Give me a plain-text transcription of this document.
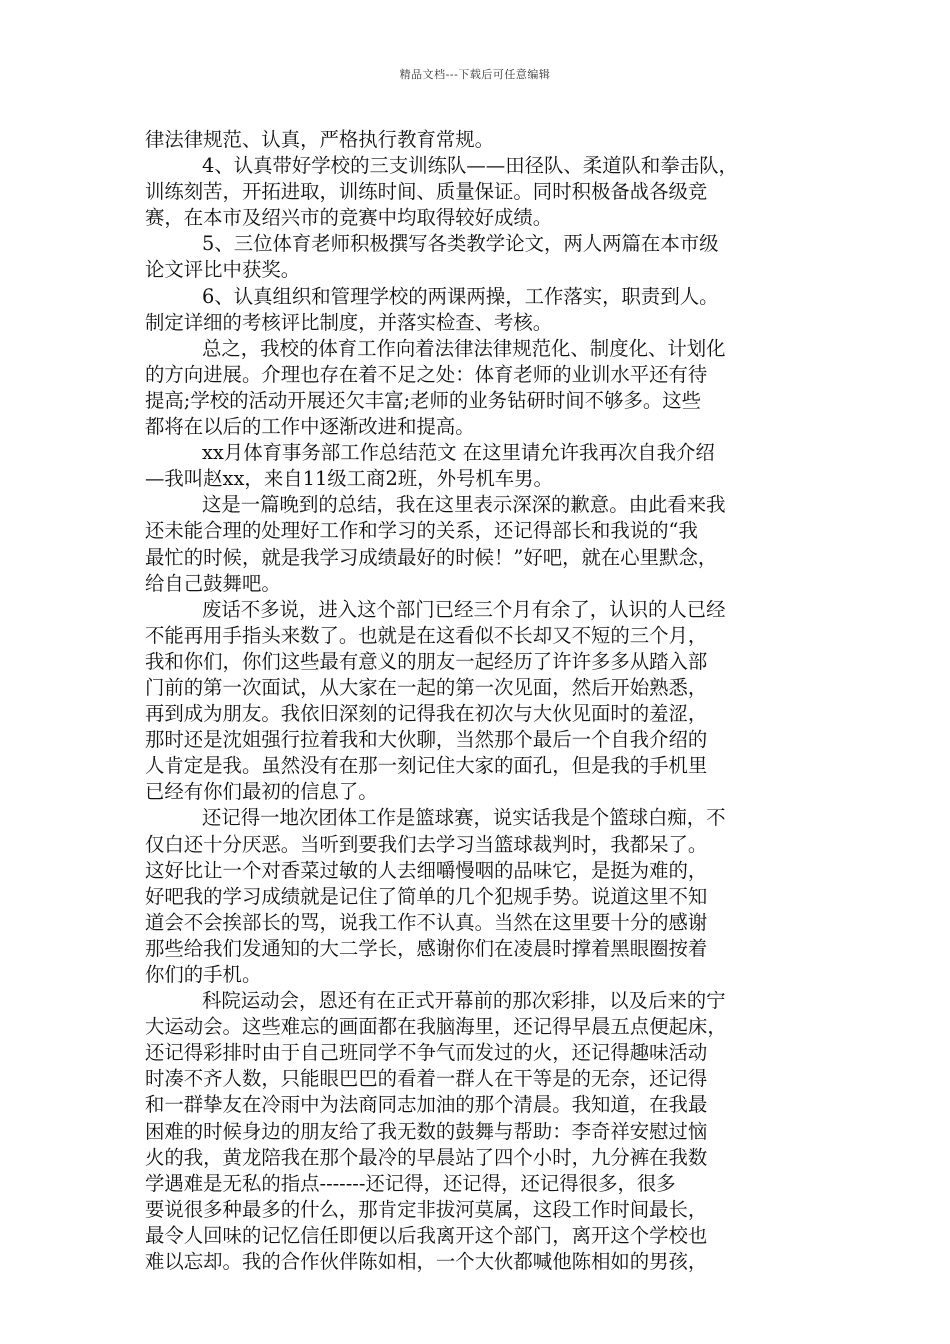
精品文档---下载后可任意编辑
律法律规范、认真，严格执行教育常规。
4、认真带好学校的三支训练队——田径队、柔道队和拳击队，
训练刻苦，开拓进取，训练时间、质量保证。同时积极备战各级竞
赛，在本市及绍兴市的竞赛中均取得较好成绩。
5、三位体育老师积极撰写各类教学论文，两人两篇在本市级
论文评比中获奖。
6、认真组织和管理学校的两课两操，工作落实，职责到人。
制定详细的考核评比制度，并落实检查、考核。
总之，我校的体育工作向着法律法律规范化、制度化、计划化
的方向进展。介理也存在着不足之处：体育老师的业训水平还有待
提高;学校的活动开展还欠丰富;老师的业务钻研时间不够多。这些
都将在以后的工作中逐渐改进和提高。
xx月体育事务部工作总结范文 在这里请允许我再次自我介绍
—我叫赵xx，来自11级工商2班，外号机车男。
这是一篇晚到的总结，我在这里表示深深的歉意。由此看来我
还未能合理的处理好工作和学习的关系，还记得部长和我说的“我
最忙的时候，就是我学习成绩最好的时候！”好吧，就在心里默念，
给自己鼓舞吧。
废话不多说，进入这个部门已经三个月有余了，认识的人已经
不能再用手指头来数了。也就是在这看似不长却又不短的三个月，
我和你们，你们这些最有意义的朋友一起经历了许许多多从踏入部
门前的第一次面试，从大家在一起的第一次见面，然后开始熟悉，
再到成为朋友。我依旧深刻的记得我在初次与大伙见面时的羞涩，
那时还是沈姐强行拉着我和大伙聊，当然那个最后一个自我介绍的
人肯定是我。虽然没有在那一刻记住大家的面孔，但是我的手机里
已经有你们最初的信息了。
还记得一地次团体工作是篮球赛，说实话我是个篮球白痴，不
仅白还十分厌恶。当听到要我们去学习当篮球裁判时，我都呆了。
这好比让一个对香菜过敏的人去细嚼慢咽的品味它，是挺为难的，
好吧我的学习成绩就是记住了简单的几个犯规手势。说道这里不知
道会不会挨部长的骂，说我工作不认真。当然在这里要十分的感谢
那些给我们发通知的大二学长，感谢你们在凌晨时撑着黑眼圈按着
你们的手机。
科院运动会，恩还有在正式开幕前的那次彩排，以及后来的宁
大运动会。这些难忘的画面都在我脑海里，还记得早晨五点便起床，
还记得彩排时由于自己班同学不争气而发过的火，还记得趣味活动
时凑不齐人数，只能眼巴巴的看着一群人在干等是的无奈，还记得
和一群挚友在冷雨中为法商同志加油的那个清晨。我知道，在我最
困难的时候身边的朋友给了我无数的鼓舞与帮助：李奇祥安慰过恼
火的我，黄龙陪我在那个最冷的早晨站了四个小时，九分裤在我数
学遇难是无私的指点-------还记得，还记得，还记得很多，很多
要说很多种最多的什么，那肯定非拔河莫属，这段工作时间最长，
最令人回味的记忆信任即便以后我离开这个部门，离开这个学校也
难以忘却。我的合作伙伴陈如相，一个大伙都喊他陈相如的男孩，
